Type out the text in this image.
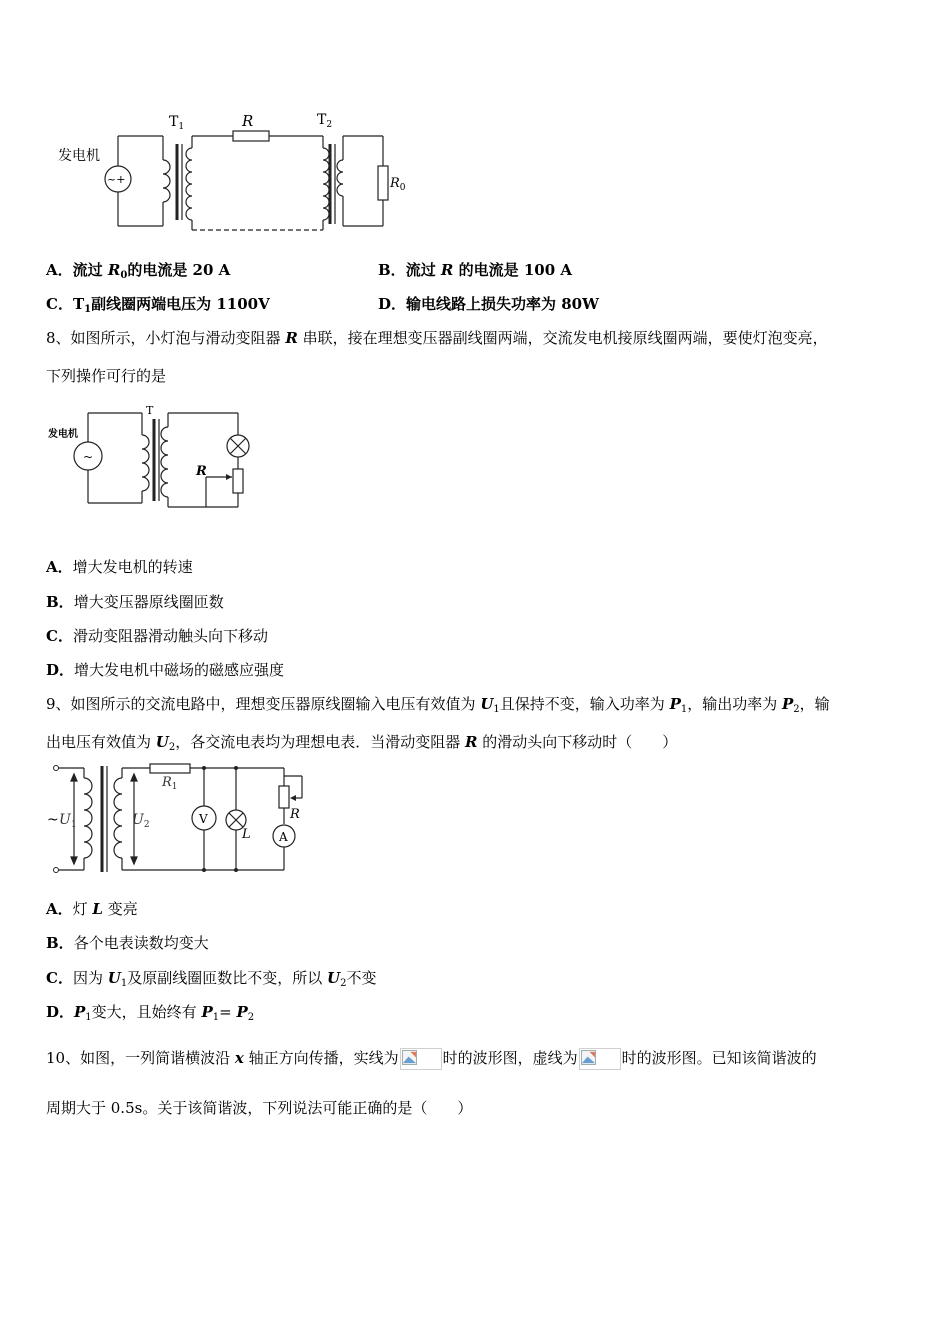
~+
发电机
$T_1$	R	$T_2$
$R_0$
A．流过 $R_0$的电流是 20 A	B．流过 R 的电流是 100 A
C．$T_1$副线圈两端电压为 1100V	D．输电线路上损失功率为 80W
8、如图所示，小灯泡与滑动变阻器 R 串联，接在理想变压器副线圈两端，交流发电机接原线圈两端，要使灯泡变亮，
下列操作可行的是
~
发电机
T
R
A．增大发电机的转速
B．增大变压器原线圈匝数
C．滑动变阻器滑动触头向下移动
D．增大发电机中磁场的磁感应强度
9、如图所示的交流电路中，理想变压器原线圈输入电压有效值为 $U_1$且保持不变，输入功率为 $P_1$，输出功率为 $P_2$，输
出电压有效值为 $U_2$，各交流电表均为理想电表．当滑动变阻器 R 的滑动头向下移动时（　　）
~ $U_1$	$U_2$
$R_1$
V
L
R
A
A．灯 L 变亮
B．各个电表读数均变大
C．因为 $U_1$及原副线圈匝数比不变，所以 $U_2$不变
D．$P_1$变大，且始终有 $P_1= P_2$
10、如图，一列简谐横波沿 x 轴正方向传播，实线为	时的波形图，虚线为	时的波形图。已知该简谐波的
周期大于 0.5s。关于该简谐波，下列说法可能正确的是（　　）
